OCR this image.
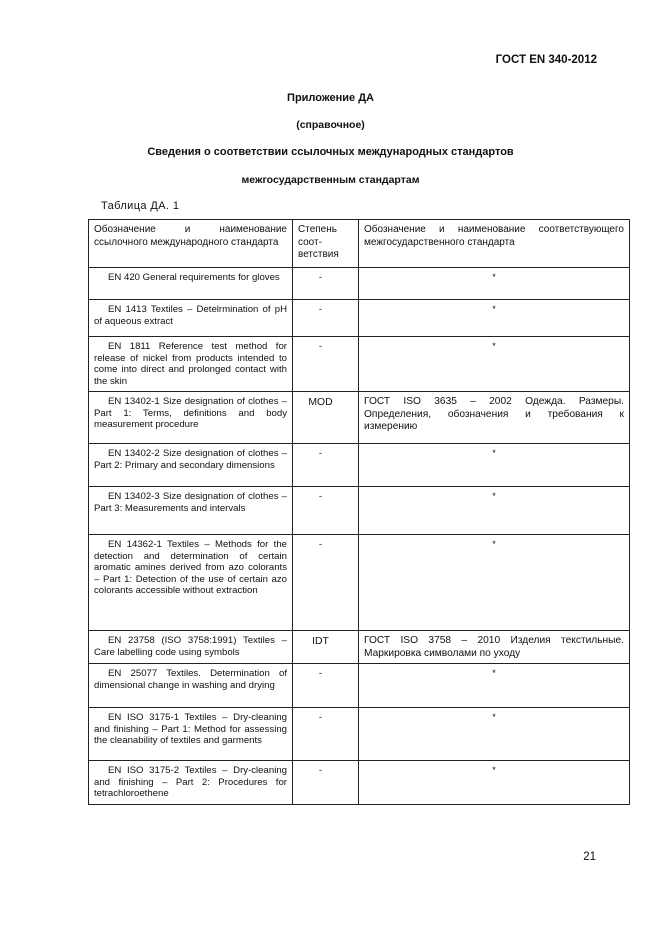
ГОСТ EN 340-2012
Приложение ДА
(справочное)
Сведения о соответствии ссылочных международных стандартов
межгосударственным стандартам
Таблица ДА. 1
Обозначение и наименование ссылочного международного стандарта	Степень соот-ветствия	Обозначение и наименование соответствующего межгосударственного стандарта

EN 420 General requirements for gloves	-	*
EN 1413 Textiles – Detelrmination of pH of aqueous extract	-	*
EN 1811 Reference test method for release of nickel from products intended to come into direct and prolonged contact with the skin	-	*
EN 13402-1 Size designation of clothes – Part 1: Terms, definitions and body measurement procedure	MOD	ГОСТ ISO 3635 – 2002 Одежда. Размеры. Определения, обозначения и требования к измерению
EN 13402-2 Size designation of clothes – Part 2: Primary and secondary dimensions	-	*
EN 13402-3 Size designation of clothes – Part 3: Measurements and intervals	-	*
EN 14362-1 Textiles – Methods for the detection and determination of certain aromatic amines derived from azo colorants – Part 1: Detection of the use of certain azo colorants accessible without extraction	-	*
EN 23758 (ISO 3758:1991) Textiles – Care labelling code using symbols	IDT	ГОСТ ISO 3758 – 2010 Изделия текстильные. Маркировка символами по уходу
EN 25077 Textiles. Determination of dimensional change in washing and drying	-	*
EN ISO 3175-1 Textiles – Dry-cleaning and finishing – Part 1: Method for assessing the cleanability of textiles and garments	-	*
EN ISO 3175-2 Textiles – Dry-cleaning and finishing – Part 2: Procedures for tetrachloroethene	-	*
21
